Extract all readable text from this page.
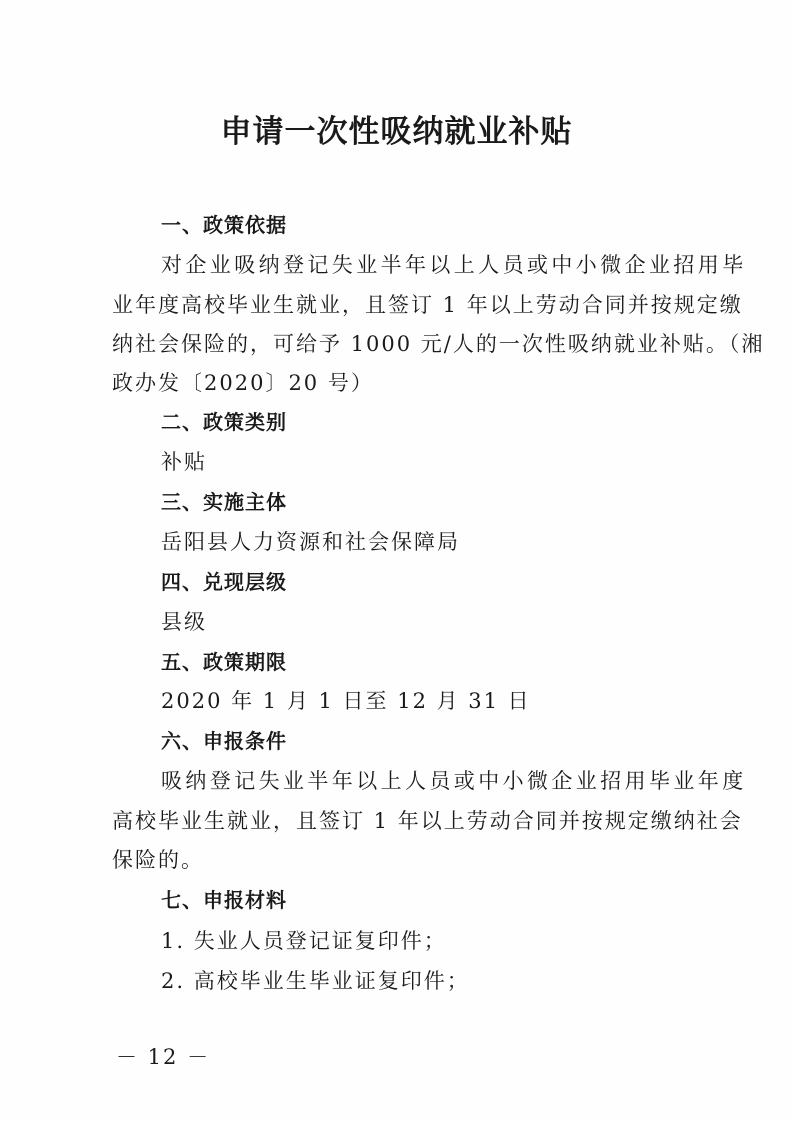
申请一次性吸纳就业补贴
一、政策依据
对企业吸纳登记失业半年以上人员或中小微企业招用毕
业年度高校毕业生就业，且签订 1 年以上劳动合同并按规定缴
纳社会保险的，可给予 1000 元/人的一次性吸纳就业补贴。（湘
政办发〔2020〕20 号）
二、政策类别
补贴
三、实施主体
岳阳县人力资源和社会保障局
四、兑现层级
县级
五、政策期限
2020 年 1 月 1 日至 12 月 31 日
六、申报条件
吸纳登记失业半年以上人员或中小微企业招用毕业年度
高校毕业生就业，且签订 1 年以上劳动合同并按规定缴纳社会
保险的。
七、申报材料
1. 失业人员登记证复印件；
2. 高校毕业生毕业证复印件；
－ 12 －
